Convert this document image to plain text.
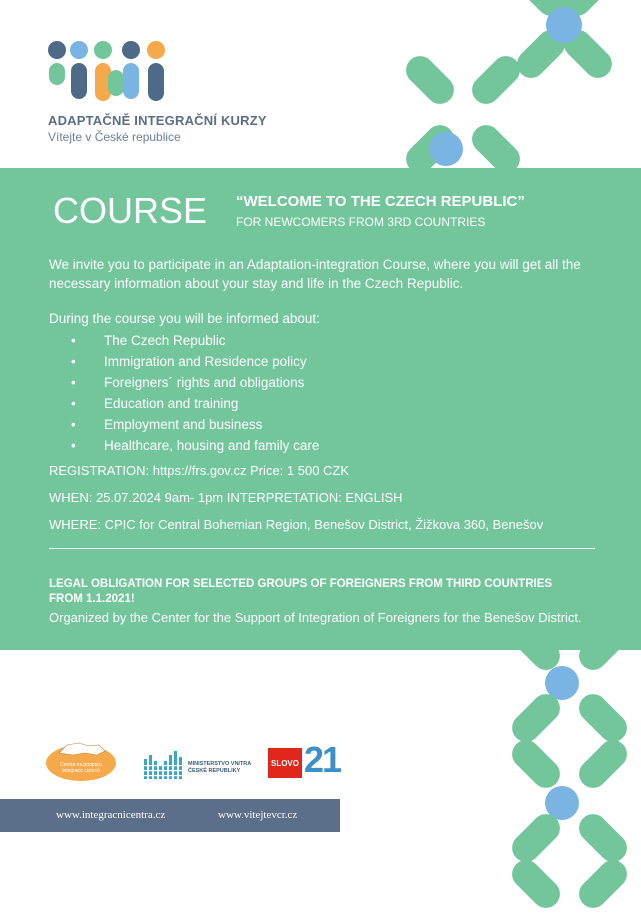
ADAPTAČNĚ INTEGRAČNÍ KURZY
Vítejte v České republice
COURSE “WELCOME TO THE CZECH REPUBLIC”
FOR NEWCOMERS FROM 3RD COUNTRIES
We invite you to participate in an Adaptation-integration Course, where you will get all the necessary information about your stay and life in the Czech Republic.
During the course you will be informed about:
• The Czech Republic
• Immigration and Residence policy
• Foreigners´ rights and obligations
• Education and training
• Employment and business
• Healthcare, housing and family care
REGISTRATION: https://frs.gov.cz Price: 1 500 CZK
WHEN: 25.07.2024 9am- 1pm INTERPRETATION: ENGLISH
WHERE: CPIC for Central Bohemian Region, Benešov District, Žižkova 360, Benešov
LEGAL OBLIGATION FOR SELECTED GROUPS OF FOREIGNERS FROM THIRD COUNTRIES FROM 1.1.2021!
Organized by the Center for the Support of Integration of Foreigners for the Benešov District.
Centra na podporu integrace cizinců
MINISTERSTVO VNITRA ČESKÉ REPUBLIKY
SLOVO 21
www.integracnicentra.cz	www.vitejtevcr.cz
